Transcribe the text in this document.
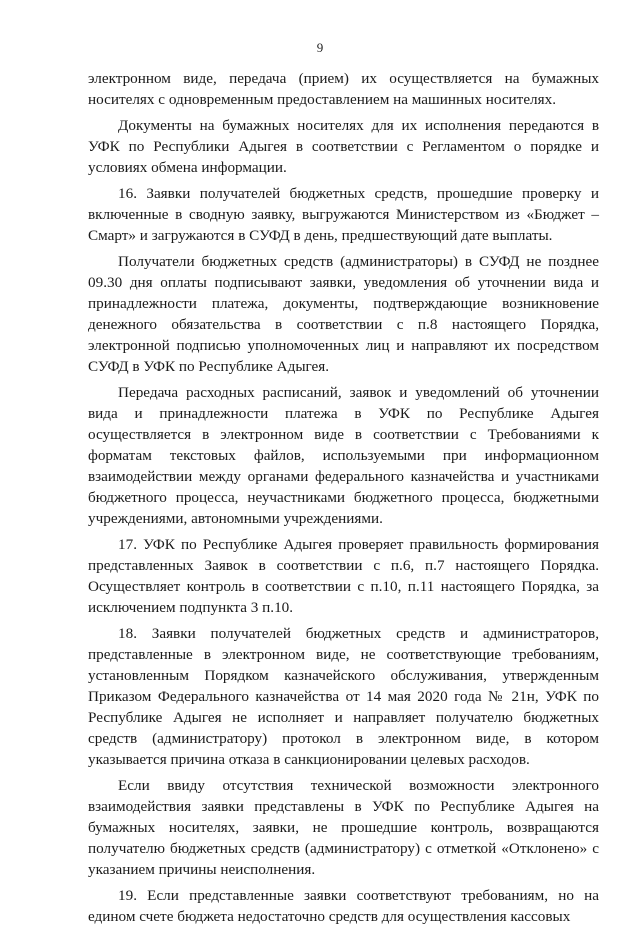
9

электронном виде, передача (прием) их осуществляется на бумажных носителях с одновременным предоставлением на машинных носителях.

Документы на бумажных носителях для их исполнения передаются в УФК по Республики Адыгея в соответствии с Регламентом о порядке и условиях обмена информации.

16. Заявки получателей бюджетных средств, прошедшие проверку и включенные в сводную заявку, выгружаются Министерством из «Бюджет – Смарт» и загружаются в СУФД в день, предшествующий дате выплаты.

Получатели бюджетных средств (администраторы) в СУФД не позднее 09.30 дня оплаты подписывают заявки, уведомления об уточнении вида и принадлежности платежа, документы, подтверждающие возникновение денежного обязательства в соответствии с п.8 настоящего Порядка, электронной подписью уполномоченных лиц и направляют их посредством СУФД в УФК по Республике Адыгея.

Передача расходных расписаний, заявок и уведомлений об уточнении вида и принадлежности платежа в УФК по Республике Адыгея осуществляется в электронном виде в соответствии с Требованиями к форматам текстовых файлов, используемыми при информационном взаимодействии между органами федерального казначейства и участниками бюджетного процесса, неучастниками бюджетного процесса, бюджетными учреждениями, автономными учреждениями.

17. УФК по Республике Адыгея проверяет правильность формирования представленных Заявок в соответствии с п.6, п.7 настоящего Порядка. Осуществляет контроль в соответствии с п.10, п.11 настоящего Порядка, за исключением подпункта 3 п.10.

18. Заявки получателей бюджетных средств и администраторов, представленные в электронном виде, не соответствующие требованиям, установленным Порядком казначейского обслуживания, утвержденным Приказом Федерального казначейства от 14 мая 2020 года № 21н, УФК по Республике Адыгея не исполняет и направляет получателю бюджетных средств (администратору) протокол в электронном виде, в котором указывается причина отказа в санкционировании целевых расходов.

Если ввиду отсутствия технической возможности электронного взаимодействия заявки представлены в УФК по Республике Адыгея на бумажных носителях, заявки, не прошедшие контроль, возвращаются получателю бюджетных средств (администратору) с отметкой «Отклонено» с указанием причины неисполнения.

19. Если представленные заявки соответствуют требованиям, но на едином счете бюджета недостаточно средств для осуществления кассовых
